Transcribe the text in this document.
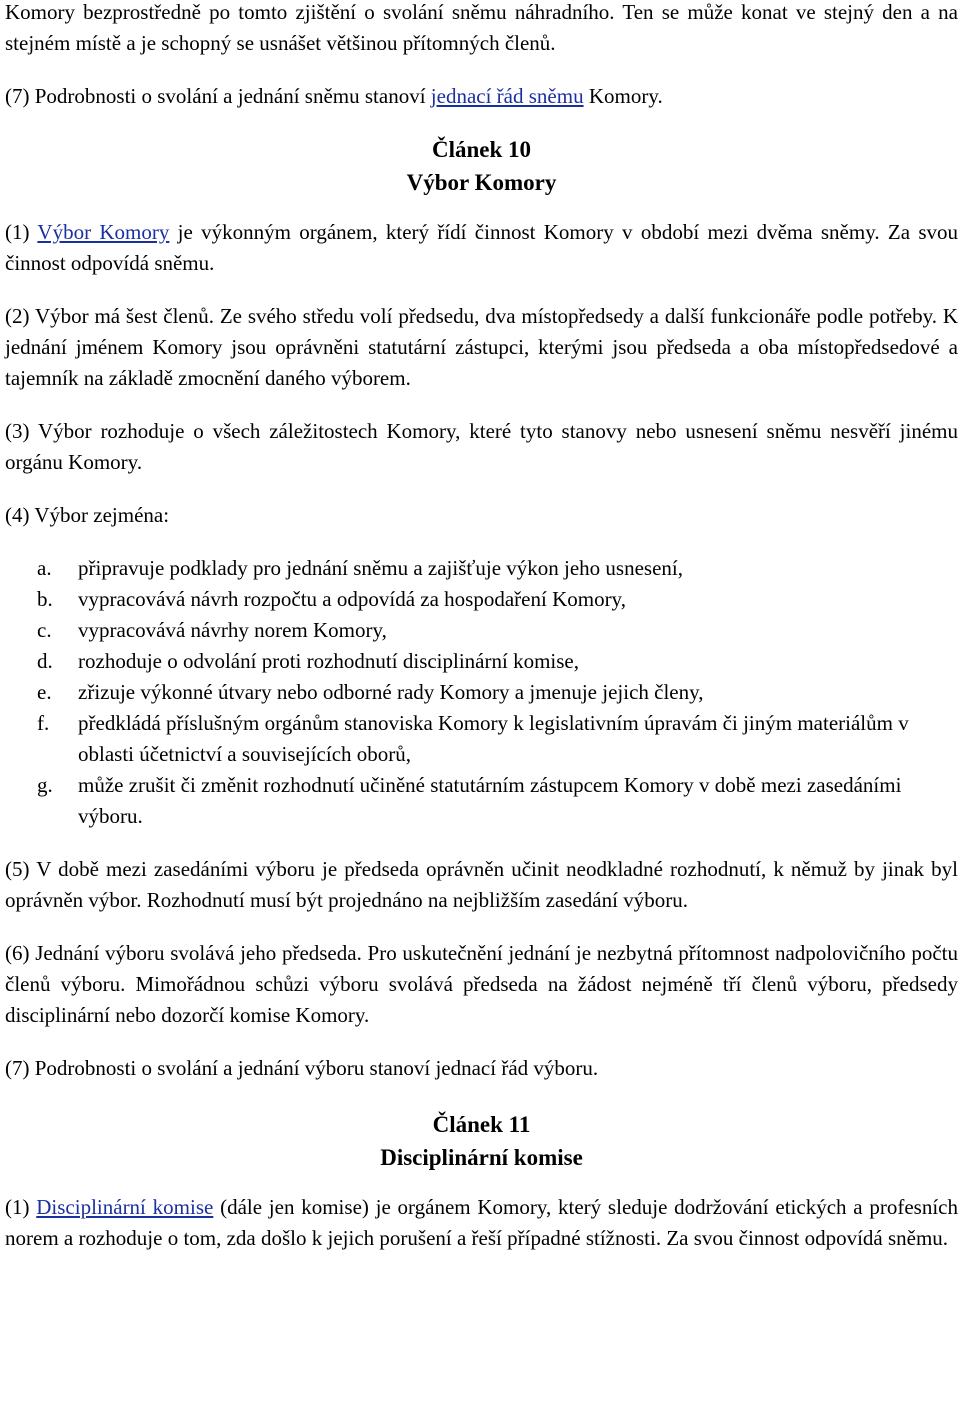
Komory bezprostředně po tomto zjištění o svolání sněmu náhradního. Ten se může konat ve stejný den a na stejném místě a je schopný se usnášet většinou přítomných členů.

(7) Podrobnosti o svolání a jednání sněmu stanoví jednací řád sněmu Komory.

Článek 10
Výbor Komory

(1) Výbor Komory je výkonným orgánem, který řídí činnost Komory v období mezi dvěma sněmy. Za svou činnost odpovídá sněmu.

(2) Výbor má šest členů. Ze svého středu volí předsedu, dva místopředsedy a další funkcionáře podle potřeby. K jednání jménem Komory jsou oprávněni statutární zástupci, kterými jsou předseda a oba místopředsedové a tajemník na základě zmocnění daného výborem.

(3) Výbor rozhoduje o všech záležitostech Komory, které tyto stanovy nebo usnesení sněmu nesvěří jinému orgánu Komory.

(4) Výbor zejména:

a.	připravuje podklady pro jednání sněmu a zajišťuje výkon jeho usnesení,
b.	vypracovává návrh rozpočtu a odpovídá za hospodaření Komory,
c.	vypracovává návrhy norem Komory,
d.	rozhoduje o odvolání proti rozhodnutí disciplinární komise,
e.	zřizuje výkonné útvary nebo odborné rady Komory a jmenuje jejich členy,
f.	předkládá příslušným orgánům stanoviska Komory k legislativním úpravám či jiným materiálům v oblasti účetnictví a souvisejících oborů,
g.	může zrušit či změnit rozhodnutí učiněné statutárním zástupcem Komory v době mezi zasedáními výboru.

(5) V době mezi zasedáními výboru je předseda oprávněn učinit neodkladné rozhodnutí, k němuž by jinak byl oprávněn výbor. Rozhodnutí musí být projednáno na nejbližším zasedání výboru.

(6) Jednání výboru svolává jeho předseda. Pro uskutečnění jednání je nezbytná přítomnost nadpolovičního počtu členů výboru. Mimořádnou schůzi výboru svolává předseda na žádost nejméně tří členů výboru, předsedy disciplinární nebo dozorčí komise Komory.

(7) Podrobnosti o svolání a jednání výboru stanoví jednací řád výboru.

Článek 11
Disciplinární komise

(1) Disciplinární komise (dále jen komise) je orgánem Komory, který sleduje dodržování etických a profesních norem a rozhoduje o tom, zda došlo k jejich porušení a řeší případné stížnosti. Za svou činnost odpovídá sněmu.
